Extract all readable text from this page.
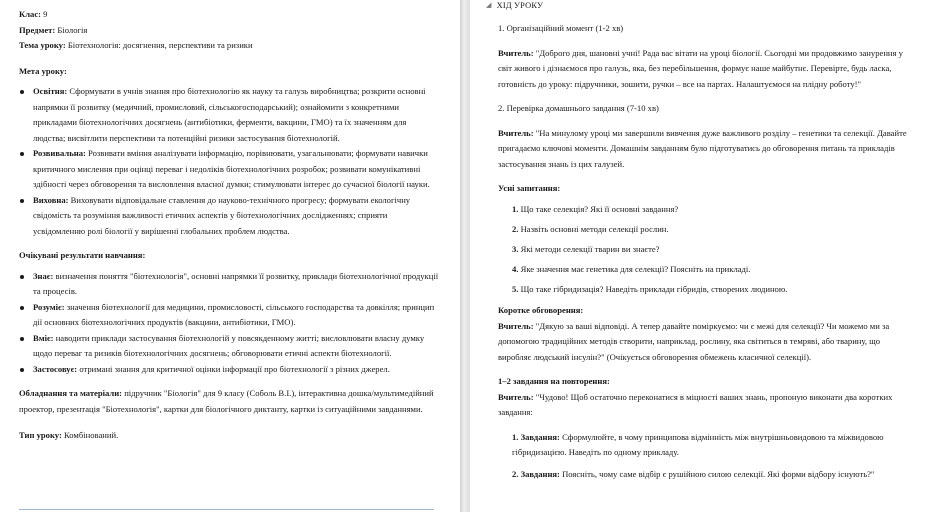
Клас: 9

Предмет: Біологія

Тема уроку: Біотехнологія: досягнення, перспективи та ризики

Мета уроку:

Освітня: Сформувати в учнів знання про біотехнологію як науку та галузь виробництва; розкрити основні напрямки її розвитку (медичний, промисловий, сільськогосподарський); ознайомити з конкретними прикладами біотехнологічних досягнень (антибіотики, ферменти, вакцини, ГМО) та їх значенням для людства; висвітлити перспективи та потенційні ризики застосування біотехнологій.
Розвивальна: Розвивати вміння аналізувати інформацію, порівнювати, узагальнювати; формувати навички критичного мислення при оцінці переваг і недоліків біотехнологічних розробок; розвивати комунікативні здібності через обговорення та висловлення власної думки; стимулювати інтерес до сучасної біології науки.
Виховна: Виховувати відповідальне ставлення до науково-технічного прогресу; формувати екологічну свідомість та розуміння важливості етичних аспектів у біотехнологічних дослідженнях; сприяти усвідомленню ролі біології у вирішенні глобальних проблем людства.

Очікувані результати навчання:

Знає: визначення поняття "біотехнологія", основні напрямки її розвитку, приклади біотехнологічної продукції та процесів.
Розуміє: значення біотехнології для медицини, промисловості, сільського господарства та довкілля; принцип дії основних біотехнологічних продуктів (вакцини, антибіотики, ГМО).
Вміє: наводити приклади застосування біотехнологій у повсякденному житті; висловлювати власну думку щодо переваг та ризиків біотехнологічних досягнень; обговорювати етичні аспекти біотехнології.
Застосовує: отримані знання для критичної оцінки інформації про біотехнології з різних джерел.

Обладнання та матеріали: підручник "Біологія" для 9 класу (Соболь В.І.), інтерактивна дошка/мультимедійний проектор, презентація "Біотехнологія", картки для біологічного диктанту, картки із ситуаційними завданнями.

Тип уроку: Комбінований.

◢ ХІД УРОКУ

1. Організаційний момент (1-2 хв)

Вчитель: "Доброго дня, шановні учні! Рада вас вітати на уроці біології. Сьогодні ми продовжимо занурення у світ живого і дізнаємося про галузь, яка, без перебільшення, формує наше майбутнє. Перевірте, будь ласка, готовність до уроку: підручники, зошити, ручки – все на партах. Налаштуємося на плідну роботу!"

2. Перевірка домашнього завдання (7-10 хв)

Вчитель: "На минулому уроці ми завершили вивчення дуже важливого розділу – генетики та селекції. Давайте пригадаємо ключові моменти. Домашнім завданням було підготуватись до обговорення питань та прикладів застосування знань із цих галузей.

Усні запитання:

1. Що таке селекція? Які її основні завдання?
2. Назвіть основні методи селекції рослин.
3. Які методи селекції тварин ви знаєте?
4. Яке значення має генетика для селекції? Поясніть на прикладі.
5. Що таке гібридизація? Наведіть приклади гібридів, створених людиною.

Коротке обговорення:

Вчитель: "Дякую за ваші відповіді. А тепер давайте поміркуємо: чи є межі для селекції? Чи можемо ми за допомогою традиційних методів створити, наприклад, рослину, яка світиться в темряві, або тварину, що виробляє людський інсулін?" (Очікується обговорення обмежень класичної селекції).

1–2 завдання на повторення:

Вчитель: "Чудово! Щоб остаточно переконатися в міцності ваших знань, пропоную виконати два коротких завдання:

1. Завдання: Сформулюйте, в чому принципова відмінність між внутрішньовидовою та міжвидовою гібридизацією. Наведіть по одному прикладу.

2. Завдання: Поясніть, чому саме відбір є рушійною силою селекції. Які форми відбору існують?"
